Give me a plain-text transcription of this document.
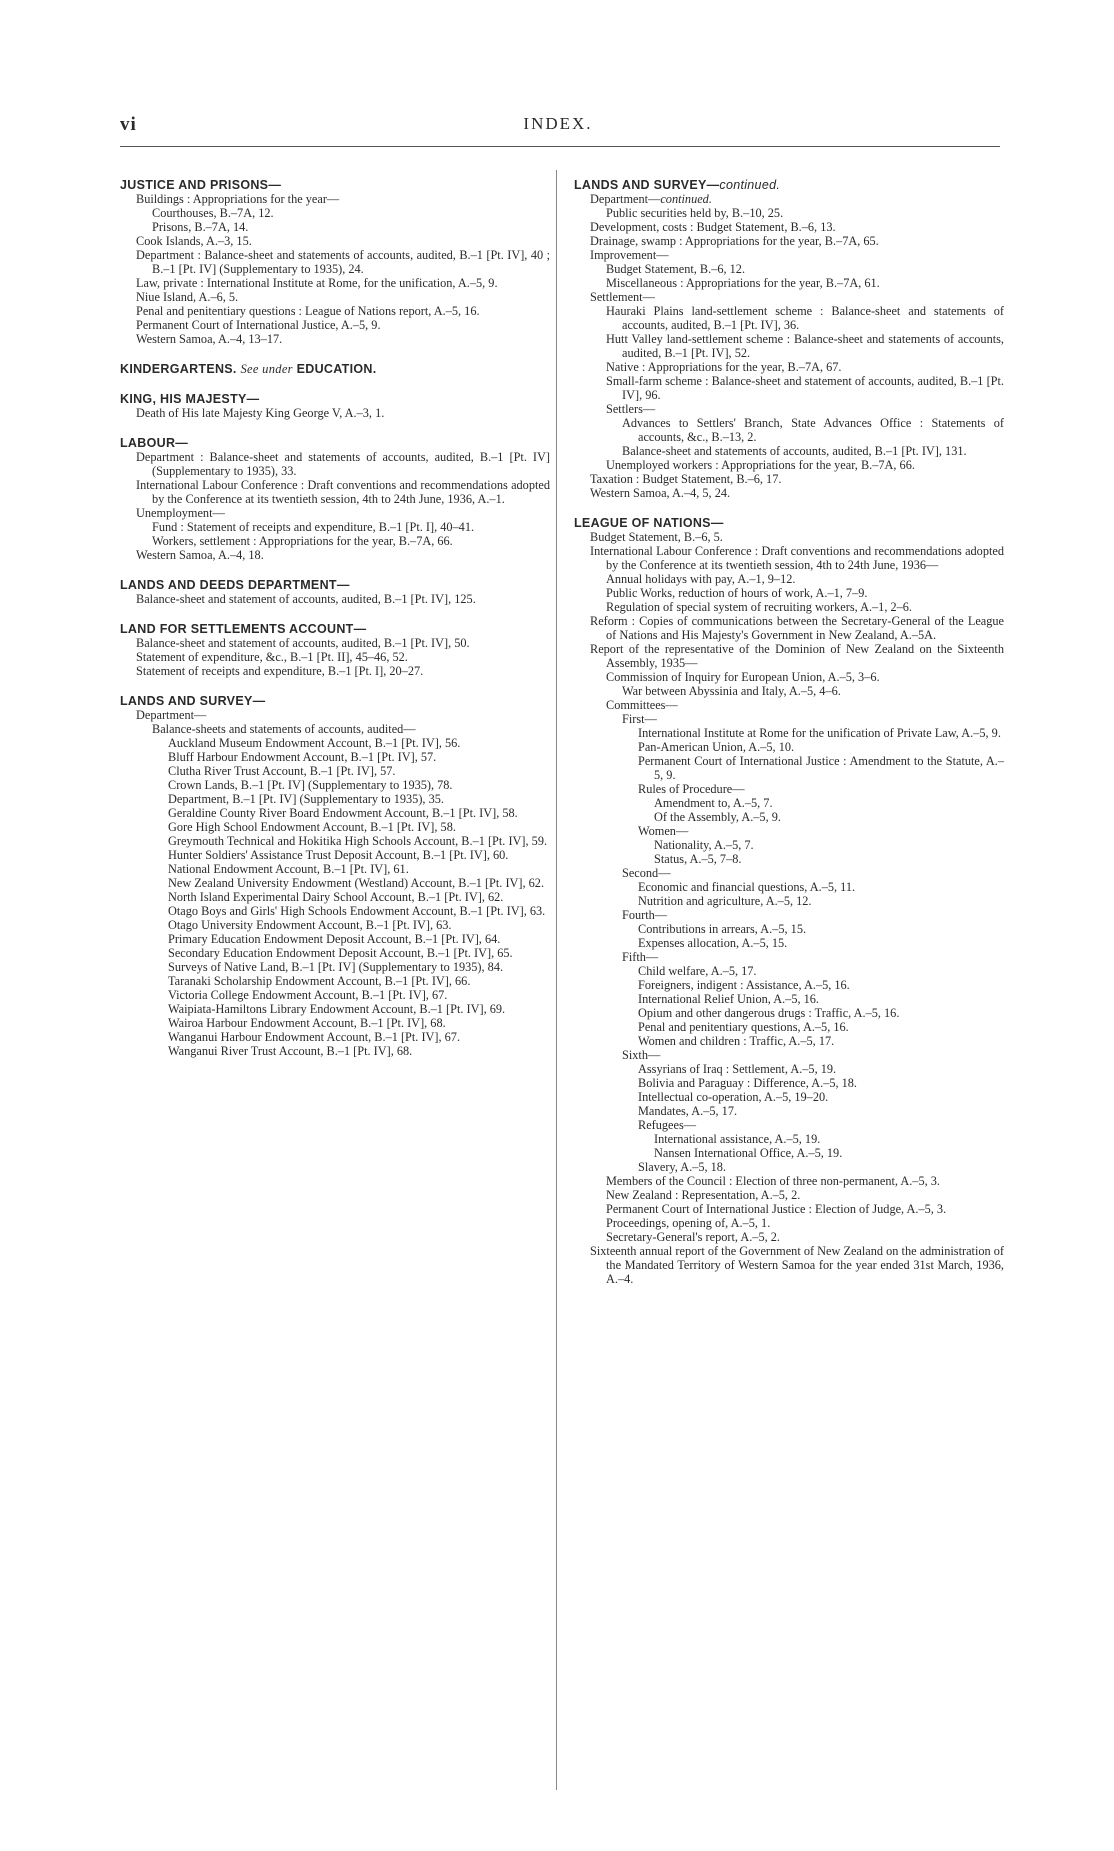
vi	INDEX.

JUSTICE AND PRISONS—

Buildings : Appropriations for the year—

Courthouses, B.–7A, 12.

Prisons, B.–7A, 14.

Cook Islands, A.–3, 15.

Department : Balance-sheet and statements of accounts, audited, B.–1 [Pt. IV], 40 ; B.–1 [Pt. IV] (Supplementary to 1935), 24.

Law, private : International Institute at Rome, for the unification, A.–5, 9.

Niue Island, A.–6, 5.

Penal and penitentiary questions : League of Nations report, A.–5, 16.

Permanent Court of International Justice, A.–5, 9.

Western Samoa, A.–4, 13–17.

KINDERGARTENS. See under EDUCATION.

KING, HIS MAJESTY—

Death of His late Majesty King George V, A.–3, 1.

LABOUR—

Department : Balance-sheet and statements of accounts, audited, B.–1 [Pt. IV] (Supplementary to 1935), 33.

International Labour Conference : Draft conventions and recommendations adopted by the Conference at its twentieth session, 4th to 24th June, 1936, A.–1.

Unemployment—

Fund : Statement of receipts and expenditure, B.–1 [Pt. I], 40–41.

Workers, settlement : Appropriations for the year, B.–7A, 66.

Western Samoa, A.–4, 18.

LANDS AND DEEDS DEPARTMENT—

Balance-sheet and statement of accounts, audited, B.–1 [Pt. IV], 125.

LAND FOR SETTLEMENTS ACCOUNT—

Balance-sheet and statement of accounts, audited, B.–1 [Pt. IV], 50.

Statement of expenditure, &c., B.–1 [Pt. II], 45–46, 52.

Statement of receipts and expenditure, B.–1 [Pt. I], 20–27.

LANDS AND SURVEY—

Department—

Balance-sheets and statements of accounts, audited—

Auckland Museum Endowment Account, B.–1 [Pt. IV], 56.

Bluff Harbour Endowment Account, B.–1 [Pt. IV], 57.

Clutha River Trust Account, B.–1 [Pt. IV], 57.

Crown Lands, B.–1 [Pt. IV] (Supplementary to 1935), 78.

Department, B.–1 [Pt. IV] (Supplementary to 1935), 35.

Geraldine County River Board Endowment Account, B.–1 [Pt. IV], 58.

Gore High School Endowment Account, B.–1 [Pt. IV], 58.

Greymouth Technical and Hokitika High Schools Account, B.–1 [Pt. IV], 59.

Hunter Soldiers' Assistance Trust Deposit Account, B.–1 [Pt. IV], 60.

National Endowment Account, B.–1 [Pt. IV], 61.

New Zealand University Endowment (Westland) Account, B.–1 [Pt. IV], 62.

North Island Experimental Dairy School Account, B.–1 [Pt. IV], 62.

Otago Boys and Girls' High Schools Endowment Account, B.–1 [Pt. IV], 63.

Otago University Endowment Account, B.–1 [Pt. IV], 63.

Primary Education Endowment Deposit Account, B.–1 [Pt. IV], 64.

Secondary Education Endowment Deposit Account, B.–1 [Pt. IV], 65.

Surveys of Native Land, B.–1 [Pt. IV] (Supplementary to 1935), 84.

Taranaki Scholarship Endowment Account, B.–1 [Pt. IV], 66.

Victoria College Endowment Account, B.–1 [Pt. IV], 67.

Waipiata-Hamiltons Library Endowment Account, B.–1 [Pt. IV], 69.

Wairoa Harbour Endowment Account, B.–1 [Pt. IV], 68.

Wanganui Harbour Endowment Account, B.–1 [Pt. IV], 67.

Wanganui River Trust Account, B.–1 [Pt. IV], 68.

LANDS AND SURVEY—continued.

Department—continued.

Public securities held by, B.–10, 25.

Development, costs : Budget Statement, B.–6, 13.

Drainage, swamp : Appropriations for the year, B.–7A, 65.

Improvement—

Budget Statement, B.–6, 12.

Miscellaneous : Appropriations for the year, B.–7A, 61.

Settlement—

Hauraki Plains land-settlement scheme : Balance-sheet and statements of accounts, audited, B.–1 [Pt. IV], 36.

Hutt Valley land-settlement scheme : Balance-sheet and statements of accounts, audited, B.–1 [Pt. IV], 52.

Native : Appropriations for the year, B.–7A, 67.

Small-farm scheme : Balance-sheet and statement of accounts, audited, B.–1 [Pt. IV], 96.

Settlers—

Advances to Settlers' Branch, State Advances Office : Statements of accounts, &c., B.–13, 2.

Balance-sheet and statements of accounts, audited, B.–1 [Pt. IV], 131.

Unemployed workers : Appropriations for the year, B.–7A, 66.

Taxation : Budget Statement, B.–6, 17.

Western Samoa, A.–4, 5, 24.

LEAGUE OF NATIONS—

Budget Statement, B.–6, 5.

International Labour Conference : Draft conventions and recommendations adopted by the Conference at its twentieth session, 4th to 24th June, 1936—

Annual holidays with pay, A.–1, 9–12.

Public Works, reduction of hours of work, A.–1, 7–9.

Regulation of special system of recruiting workers, A.–1, 2–6.

Reform : Copies of communications between the Secretary-General of the League of Nations and His Majesty's Government in New Zealand, A.–5A.

Report of the representative of the Dominion of New Zealand on the Sixteenth Assembly, 1935—

Commission of Inquiry for European Union, A.–5, 3–6.

War between Abyssinia and Italy, A.–5, 4–6.

Committees—

First—

International Institute at Rome for the unification of Private Law, A.–5, 9.

Pan-American Union, A.–5, 10.

Permanent Court of International Justice : Amendment to the Statute, A.–5, 9.

Rules of Procedure—

Amendment to, A.–5, 7.

Of the Assembly, A.–5, 9.

Women—

Nationality, A.–5, 7.

Status, A.–5, 7–8.

Second—

Economic and financial questions, A.–5, 11.

Nutrition and agriculture, A.–5, 12.

Fourth—

Contributions in arrears, A.–5, 15.

Expenses allocation, A.–5, 15.

Fifth—

Child welfare, A.–5, 17.

Foreigners, indigent : Assistance, A.–5, 16.

International Relief Union, A.–5, 16.

Opium and other dangerous drugs : Traffic, A.–5, 16.

Penal and penitentiary questions, A.–5, 16.

Women and children : Traffic, A.–5, 17.

Sixth—

Assyrians of Iraq : Settlement, A.–5, 19.

Bolivia and Paraguay : Difference, A.–5, 18.

Intellectual co-operation, A.–5, 19–20.

Mandates, A.–5, 17.

Refugees—

International assistance, A.–5, 19.

Nansen International Office, A.–5, 19.

Slavery, A.–5, 18.

Members of the Council : Election of three non-permanent, A.–5, 3.

New Zealand : Representation, A.–5, 2.

Permanent Court of International Justice : Election of Judge, A.–5, 3.

Proceedings, opening of, A.–5, 1.

Secretary-General's report, A.–5, 2.

Sixteenth annual report of the Government of New Zealand on the administration of the Mandated Territory of Western Samoa for the year ended 31st March, 1936, A.–4.
